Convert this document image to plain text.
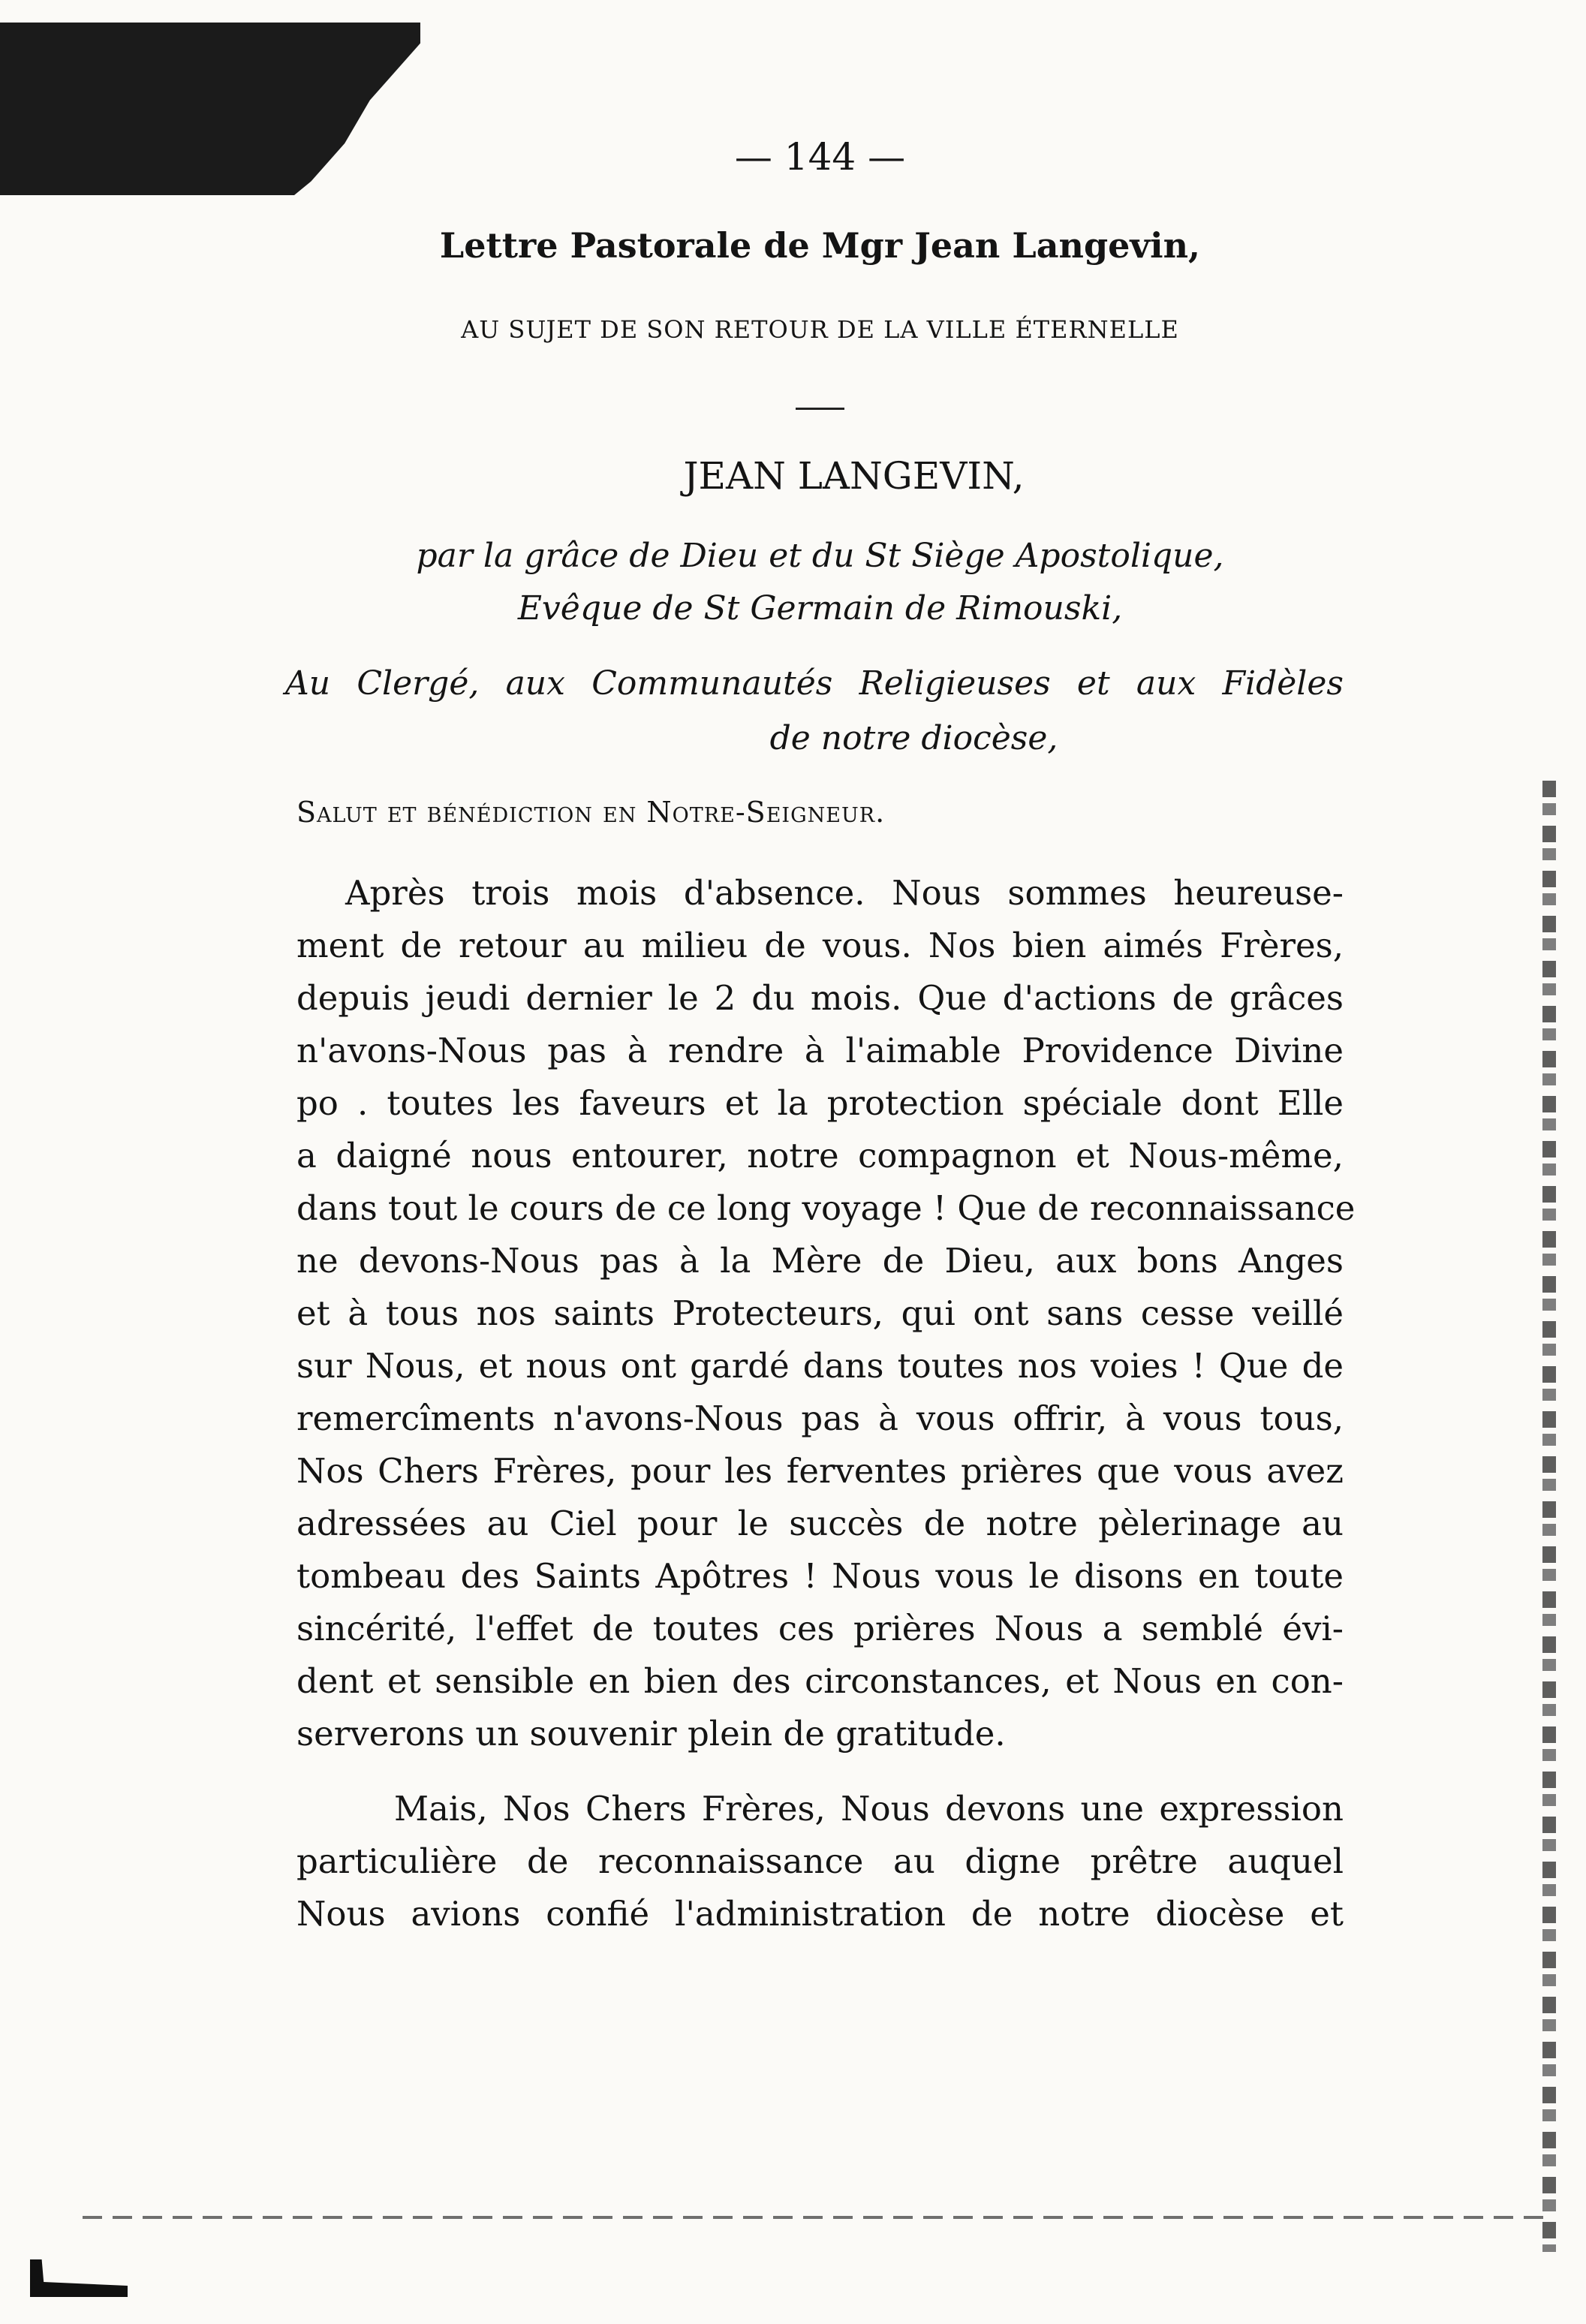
— 144 —
Lettre Pastorale de Mgr Jean Langevin,
AU SUJET DE SON RETOUR DE LA VILLE ÉTERNELLE
JEAN LANGEVIN,
par la grâce de Dieu et du St Siège Apostolique,
Evêque de St Germain de Rimouski,
Au Clergé, aux Communautés Religieuses et aux Fidèles
de notre diocèse,
Salut et bénédiction en Notre-Seigneur.
Après trois mois d'absence. Nous sommes heureuse-
ment de retour au milieu de vous. Nos bien aimés Frères,
depuis jeudi dernier le 2 du mois. Que d'actions de grâces
n'avons-Nous pas à rendre à l'aimable Providence Divine
po . toutes les faveurs et la protection spéciale dont Elle
a daigné nous entourer, notre compagnon et Nous-même,
dans tout le cours de ce long voyage ! Que de reconnaissance
ne devons-Nous pas à la Mère de Dieu, aux bons Anges
et à tous nos saints Protecteurs, qui ont sans cesse veillé
sur Nous, et nous ont gardé dans toutes nos voies ! Que de
remercîments n'avons-Nous pas à vous offrir, à vous tous,
Nos Chers Frères, pour les ferventes prières que vous avez
adressées au Ciel pour le succès de notre pèlerinage au
tombeau des Saints Apôtres ! Nous vous le disons en toute
sincérité, l'effet de toutes ces prières Nous a semblé évi-
dent et sensible en bien des circonstances, et Nous en con-
serverons un souvenir plein de gratitude.
Mais, Nos Chers Frères, Nous devons une expression
particulière de reconnaissance au digne prêtre auquel
Nous avions confié l'administration de notre diocèse et
